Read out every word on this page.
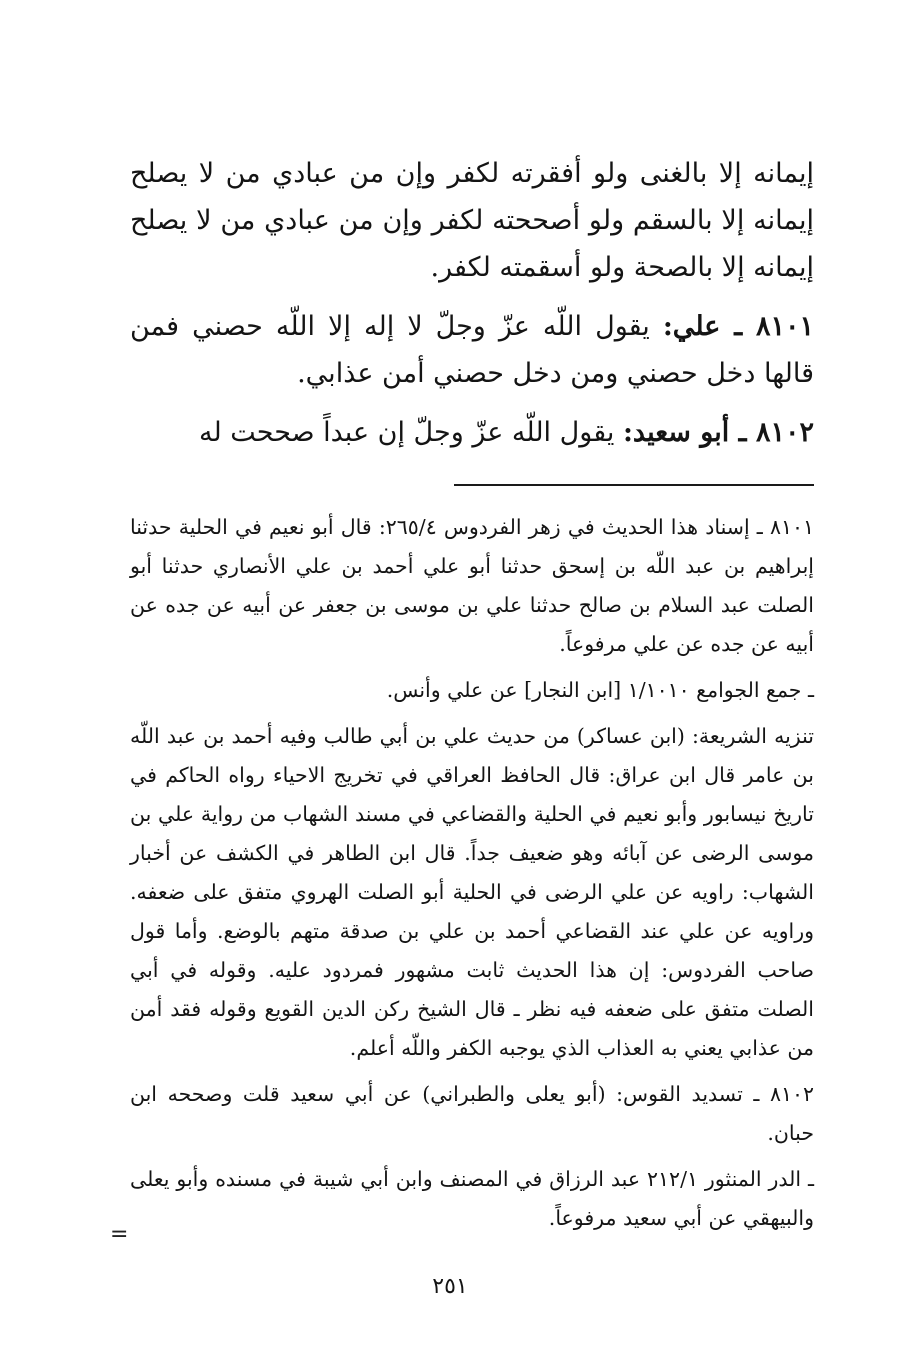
إيمانه إلا بالغنى ولو أفقرته لكفر وإن من عبادي من لا يصلح إيمانه إلا بالسقم ولو أصححته لكفر وإن من عبادي من لا يصلح إيمانه إلا بالصحة ولو أسقمته لكفر.

٨١٠١ ـ علي: يقول اللّه عزّ وجلّ لا إله إلا اللّه حصني فمن قالها دخل حصني ومن دخل حصني أمن عذابي.

٨١٠٢ ـ أبو سعيد: يقول اللّه عزّ وجلّ إن عبداً صححت له

٨١٠١ ـ إسناد هذا الحديث في زهر الفردوس ٢٦٥/٤: قال أبو نعيم في الحلية حدثنا إبراهيم بن عبد اللّه بن إسحق حدثنا أبو علي أحمد بن علي الأنصاري حدثنا أبو الصلت عبد السلام بن صالح حدثنا علي بن موسى بن جعفر عن أبيه عن جده عن أبيه عن جده عن علي مرفوعاً.

ـ جمع الجوامع ١/١٠١٠ [ابن النجار] عن علي وأنس.

تنزيه الشريعة: (ابن عساكر) من حديث علي بن أبي طالب وفيه أحمد بن عبد اللّه بن عامر قال ابن عراق: قال الحافظ العراقي في تخريج الاحياء رواه الحاكم في تاريخ نيسابور وأبو نعيم في الحلية والقضاعي في مسند الشهاب من رواية علي بن موسى الرضى عن آبائه وهو ضعيف جداً. قال ابن الطاهر في الكشف عن أخبار الشهاب: راويه عن علي الرضى في الحلية أبو الصلت الهروي متفق على ضعفه. وراويه عن علي عند القضاعي أحمد بن علي بن صدقة متهم بالوضع. وأما قول صاحب الفردوس: إن هذا الحديث ثابت مشهور فمردود عليه. وقوله في أبي الصلت متفق على ضعفه فيه نظر ـ قال الشيخ ركن الدين القويع وقوله فقد أمن من عذابي يعني به العذاب الذي يوجبه الكفر واللّه أعلم.

٨١٠٢ ـ تسديد القوس: (أبو يعلى والطبراني) عن أبي سعيد قلت وصححه ابن حبان.

ـ الدر المنثور ٢١٢/١ عبد الرزاق في المصنف وابن أبي شيبة في مسنده وأبو يعلى والبيهقي عن أبي سعيد مرفوعاً.

=
٢٥١
